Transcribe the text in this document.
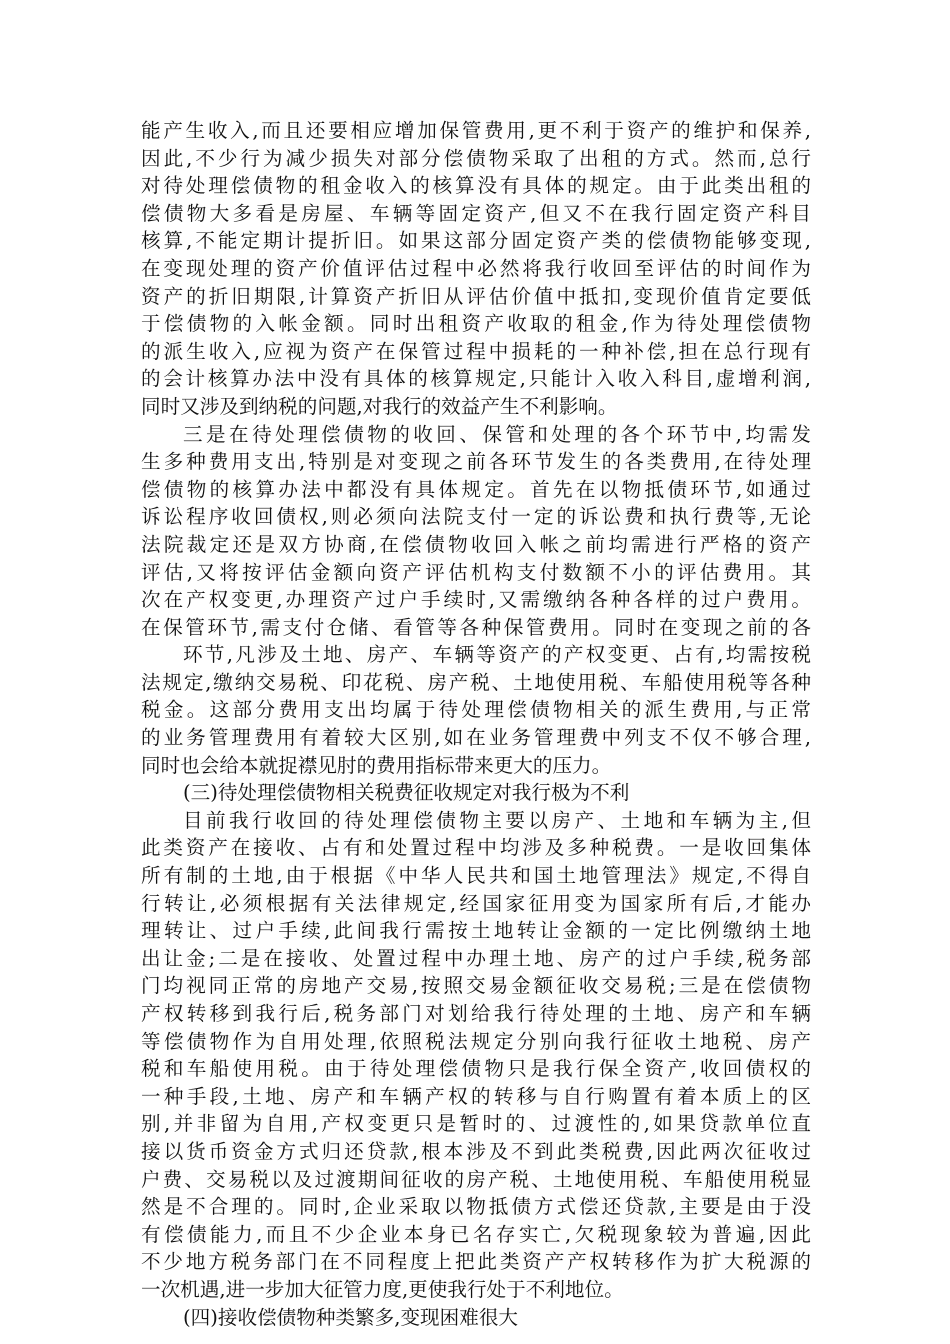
能产生收入,而且还要相应增加保管费用,更不利于资产的维护和保养,
因此,不少行为减少损失对部分偿债物采取了出租的方式。然而,总行
对待处理偿债物的租金收入的核算没有具体的规定。由于此类出租的
偿债物大多看是房屋、车辆等固定资产,但又不在我行固定资产科目
核算,不能定期计提折旧。如果这部分固定资产类的偿债物能够变现,
在变现处理的资产价值评估过程中必然将我行收回至评估的时间作为
资产的折旧期限,计算资产折旧从评估价值中抵扣,变现价值肯定要低
于偿债物的入帐金额。同时出租资产收取的租金,作为待处理偿债物
的派生收入,应视为资产在保管过程中损耗的一种补偿,担在总行现有
的会计核算办法中没有具体的核算规定,只能计入收入科目,虚增利润,
同时又涉及到纳税的问题,对我行的效益产生不利影响。
三是在待处理偿债物的收回、保管和处理的各个环节中,均需发
生多种费用支出,特别是对变现之前各环节发生的各类费用,在待处理
偿债物的核算办法中都没有具体规定。首先在以物抵债环节,如通过
诉讼程序收回债权,则必须向法院支付一定的诉讼费和执行费等,无论
法院裁定还是双方协商,在偿债物收回入帐之前均需进行严格的资产
评估,又将按评估金额向资产评估机构支付数额不小的评估费用。其
次在产权变更,办理资产过户手续时,又需缴纳各种各样的过户费用。
在保管环节,需支付仓储、看管等各种保管费用。同时在变现之前的各
环节,凡涉及土地、房产、车辆等资产的产权变更、占有,均需按税
法规定,缴纳交易税、印花税、房产税、土地使用税、车船使用税等各种
税金。这部分费用支出均属于待处理偿债物相关的派生费用,与正常
的业务管理费用有着较大区别,如在业务管理费中列支不仅不够合理,
同时也会给本就捉襟见肘的费用指标带来更大的压力。
(三)待处理偿债物相关税费征收规定对我行极为不利
目前我行收回的待处理偿债物主要以房产、土地和车辆为主,但
此类资产在接收、占有和处置过程中均涉及多种税费。一是收回集体
所有制的土地,由于根据《中华人民共和国土地管理法》规定,不得自
行转让,必须根据有关法律规定,经国家征用变为国家所有后,才能办
理转让、过户手续,此间我行需按土地转让金额的一定比例缴纳土地
出让金;二是在接收、处置过程中办理土地、房产的过户手续,税务部
门均视同正常的房地产交易,按照交易金额征收交易税;三是在偿债物
产权转移到我行后,税务部门对划给我行待处理的土地、房产和车辆
等偿债物作为自用处理,依照税法规定分别向我行征收土地税、房产
税和车船使用税。由于待处理偿债物只是我行保全资产,收回债权的
一种手段,土地、房产和车辆产权的转移与自行购置有着本质上的区
别,并非留为自用,产权变更只是暂时的、过渡性的,如果贷款单位直
接以货币资金方式归还贷款,根本涉及不到此类税费,因此两次征收过
户费、交易税以及过渡期间征收的房产税、土地使用税、车船使用税显
然是不合理的。同时,企业采取以物抵债方式偿还贷款,主要是由于没
有偿债能力,而且不少企业本身已名存实亡,欠税现象较为普遍,因此
不少地方税务部门在不同程度上把此类资产产权转移作为扩大税源的
一次机遇,进一步加大征管力度,更使我行处于不利地位。
(四)接收偿债物种类繁多,变现困难很大
